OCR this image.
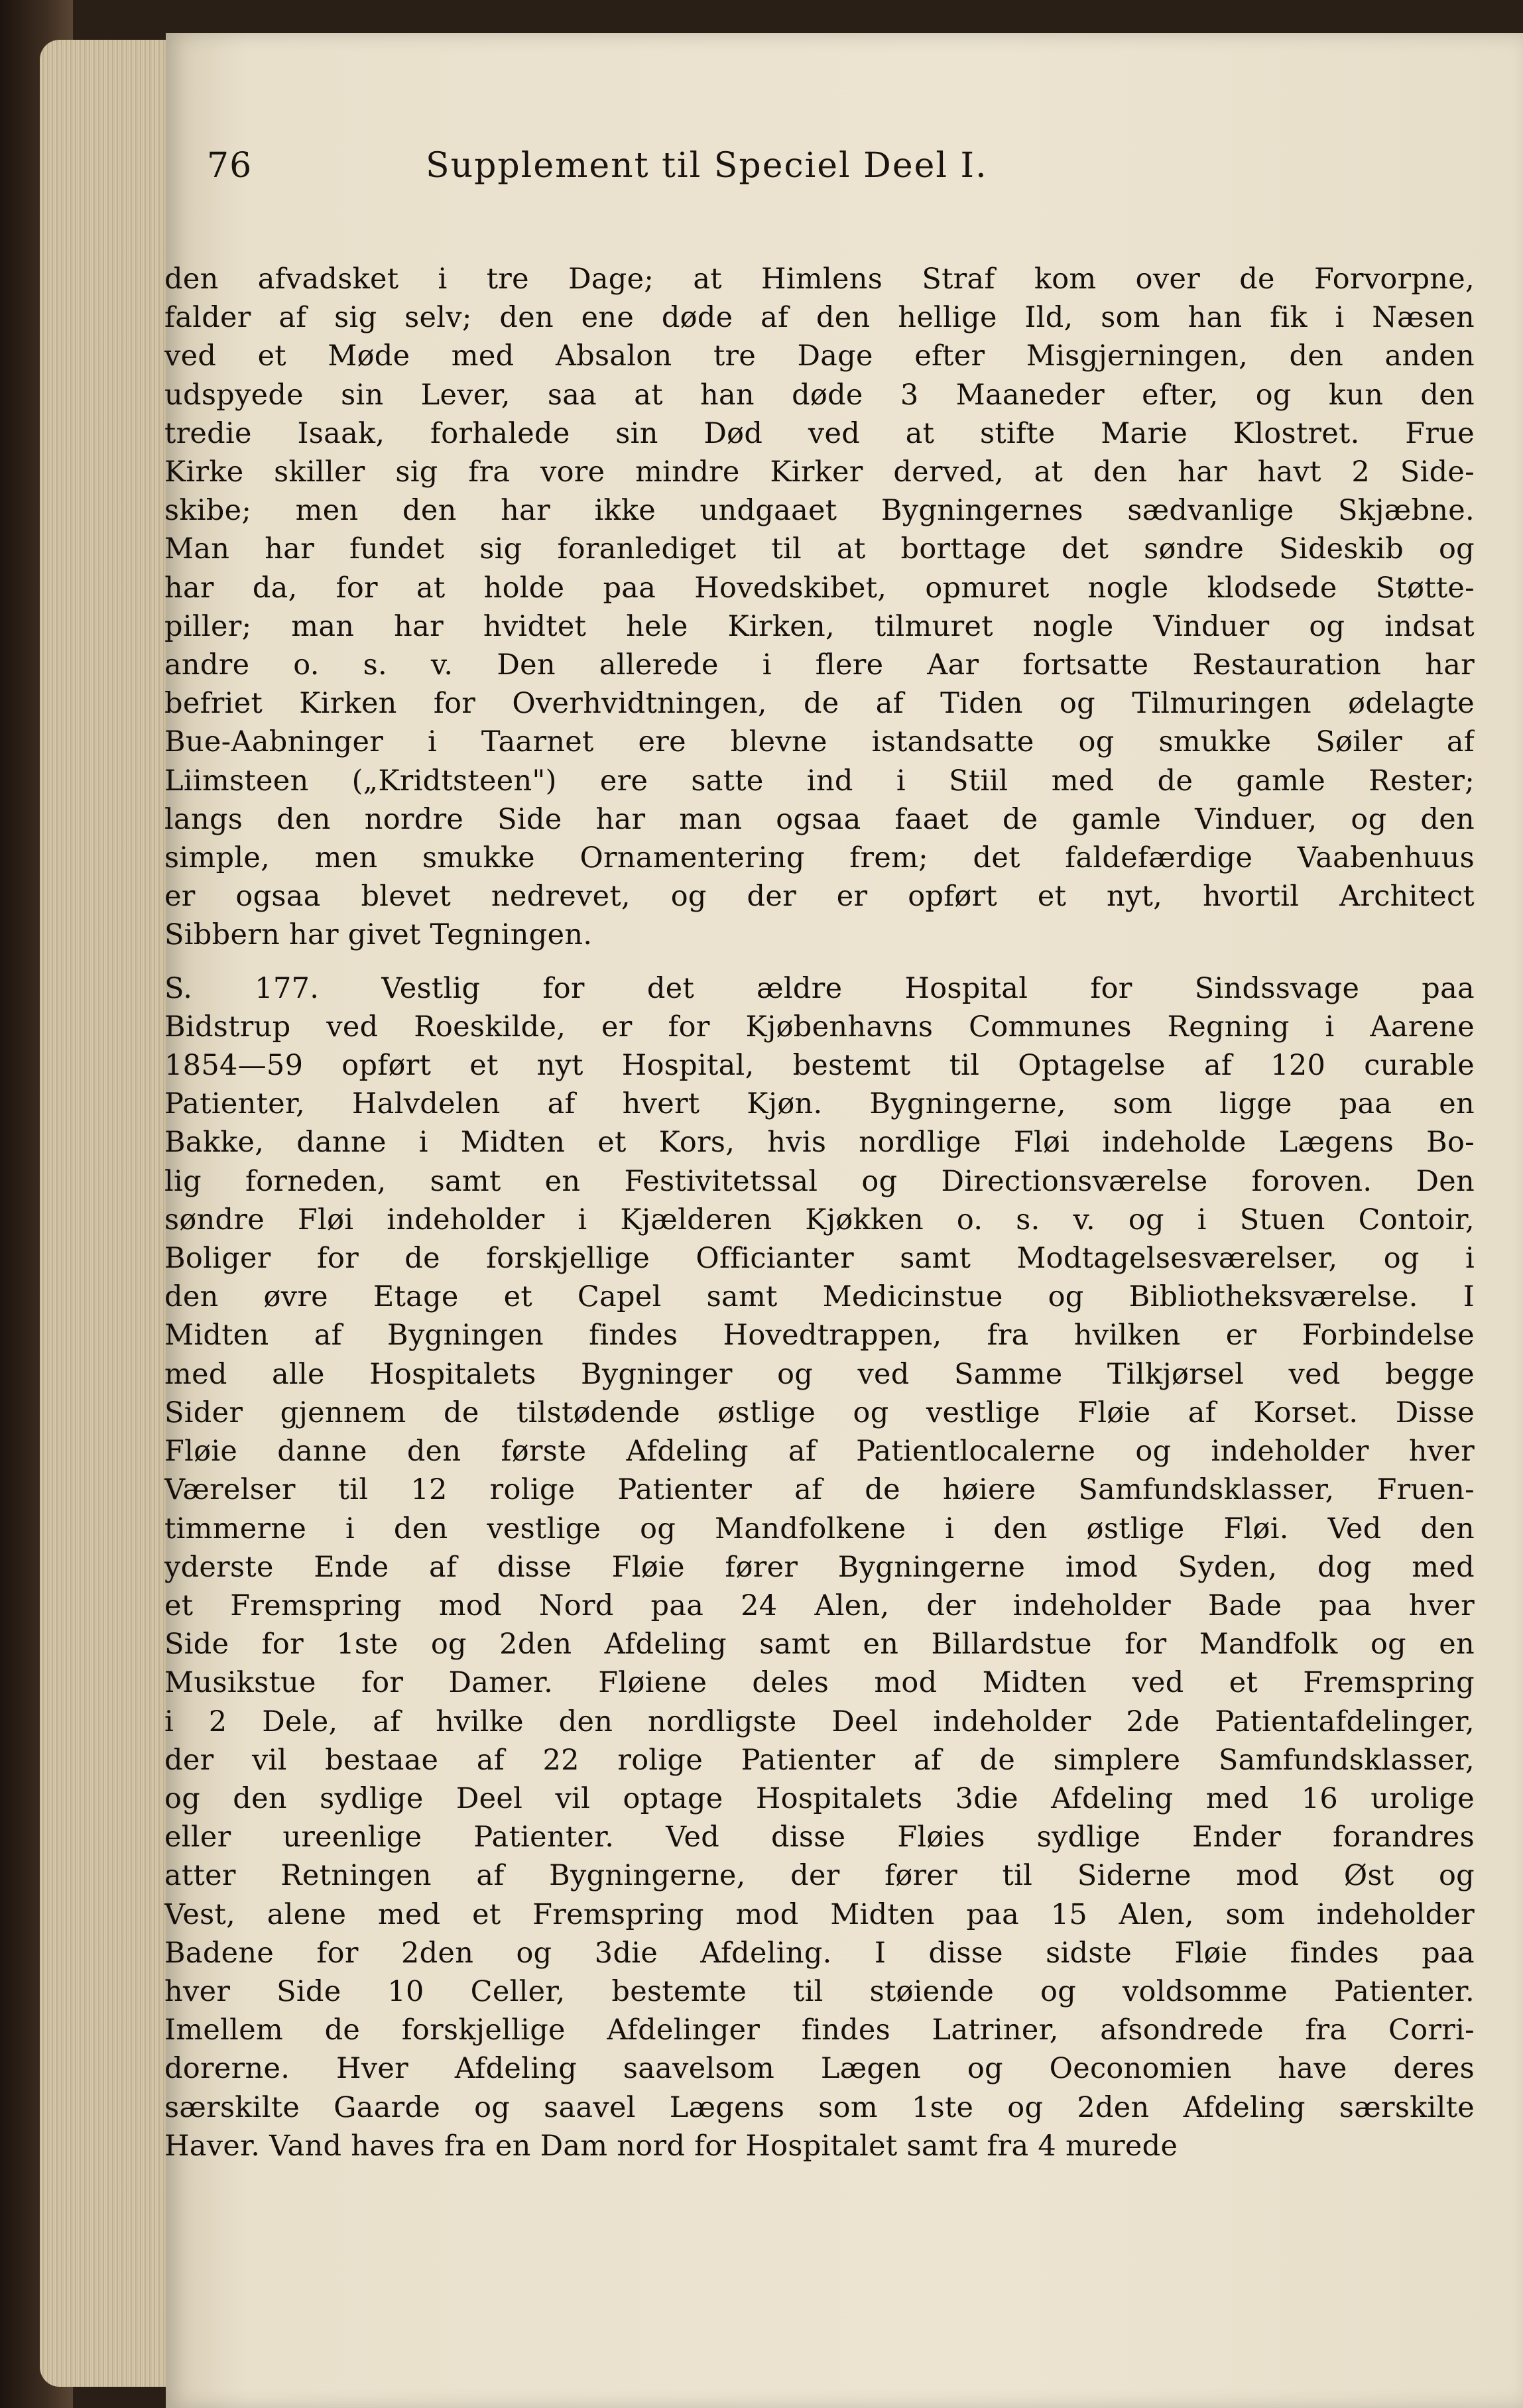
76	Supplement til Speciel Deel I.

den afvadsket i tre Dage; at Himlens Straf kom over de Forvorpne,
falder af sig selv; den ene døde af den hellige Ild, som han fik i Næsen
ved et Møde med Absalon tre Dage efter Misgjerningen, den anden
udspyede sin Lever, saa at han døde 3 Maaneder efter, og kun den
tredie Isaak, forhalede sin Død ved at stifte Marie Klostret. Frue
Kirke skiller sig fra vore mindre Kirker derved, at den har havt 2 Side-
skibe; men den har ikke undgaaet Bygningernes sædvanlige Skjæbne.
Man har fundet sig foranlediget til at borttage det søndre Sideskib og
har da, for at holde paa Hovedskibet, opmuret nogle klodsede Støtte-
piller; man har hvidtet hele Kirken, tilmuret nogle Vinduer og indsat
andre o. s. v. Den allerede i flere Aar fortsatte Restauration har
befriet Kirken for Overhvidtningen, de af Tiden og Tilmuringen ødelagte
Bue-Aabninger i Taarnet ere blevne istandsatte og smukke Søiler af
Liimsteen („Kridtsteen") ere satte ind i Stiil med de gamle Rester;
langs den nordre Side har man ogsaa faaet de gamle Vinduer, og den
simple, men smukke Ornamentering frem; det faldefærdige Vaabenhuus
er ogsaa blevet nedrevet, og der er opført et nyt, hvortil Architect
Sibbern har givet Tegningen.

S. 177. Vestlig for det ældre Hospital for Sindssvage paa
Bidstrup ved Roeskilde, er for Kjøbenhavns Communes Regning i Aarene
1854—59 opført et nyt Hospital, bestemt til Optagelse af 120 curable
Patienter, Halvdelen af hvert Kjøn. Bygningerne, som ligge paa en
Bakke, danne i Midten et Kors, hvis nordlige Fløi indeholde Lægens Bo-
lig forneden, samt en Festivitetssal og Directionsværelse foroven. Den
søndre Fløi indeholder i Kjælderen Kjøkken o. s. v. og i Stuen Contoir,
Boliger for de forskjellige Officianter samt Modtagelsesværelser, og i
den øvre Etage et Capel samt Medicinstue og Bibliotheksværelse. I
Midten af Bygningen findes Hovedtrappen, fra hvilken er Forbindelse
med alle Hospitalets Bygninger og ved Samme Tilkjørsel ved begge
Sider gjennem de tilstødende østlige og vestlige Fløie af Korset. Disse
Fløie danne den første Afdeling af Patientlocalerne og indeholder hver
Værelser til 12 rolige Patienter af de høiere Samfundsklasser, Fruen-
timmerne i den vestlige og Mandfolkene i den østlige Fløi. Ved den
yderste Ende af disse Fløie fører Bygningerne imod Syden, dog med
et Fremspring mod Nord paa 24 Alen, der indeholder Bade paa hver
Side for 1ste og 2den Afdeling samt en Billardstue for Mandfolk og en
Musikstue for Damer. Fløiene deles mod Midten ved et Fremspring
i 2 Dele, af hvilke den nordligste Deel indeholder 2de Patientafdelinger,
der vil bestaae af 22 rolige Patienter af de simplere Samfundsklasser,
og den sydlige Deel vil optage Hospitalets 3die Afdeling med 16 urolige
eller ureenlige Patienter. Ved disse Fløies sydlige Ender forandres
atter Retningen af Bygningerne, der fører til Siderne mod Øst og
Vest, alene med et Fremspring mod Midten paa 15 Alen, som indeholder
Badene for 2den og 3die Afdeling. I disse sidste Fløie findes paa
hver Side 10 Celler, bestemte til støiende og voldsomme Patienter.
Imellem de forskjellige Afdelinger findes Latriner, afsondrede fra Corri-
dorerne. Hver Afdeling saavelsom Lægen og Oeconomien have deres
særskilte Gaarde og saavel Lægens som 1ste og 2den Afdeling særskilte
Haver. Vand haves fra en Dam nord for Hospitalet samt fra 4 murede
